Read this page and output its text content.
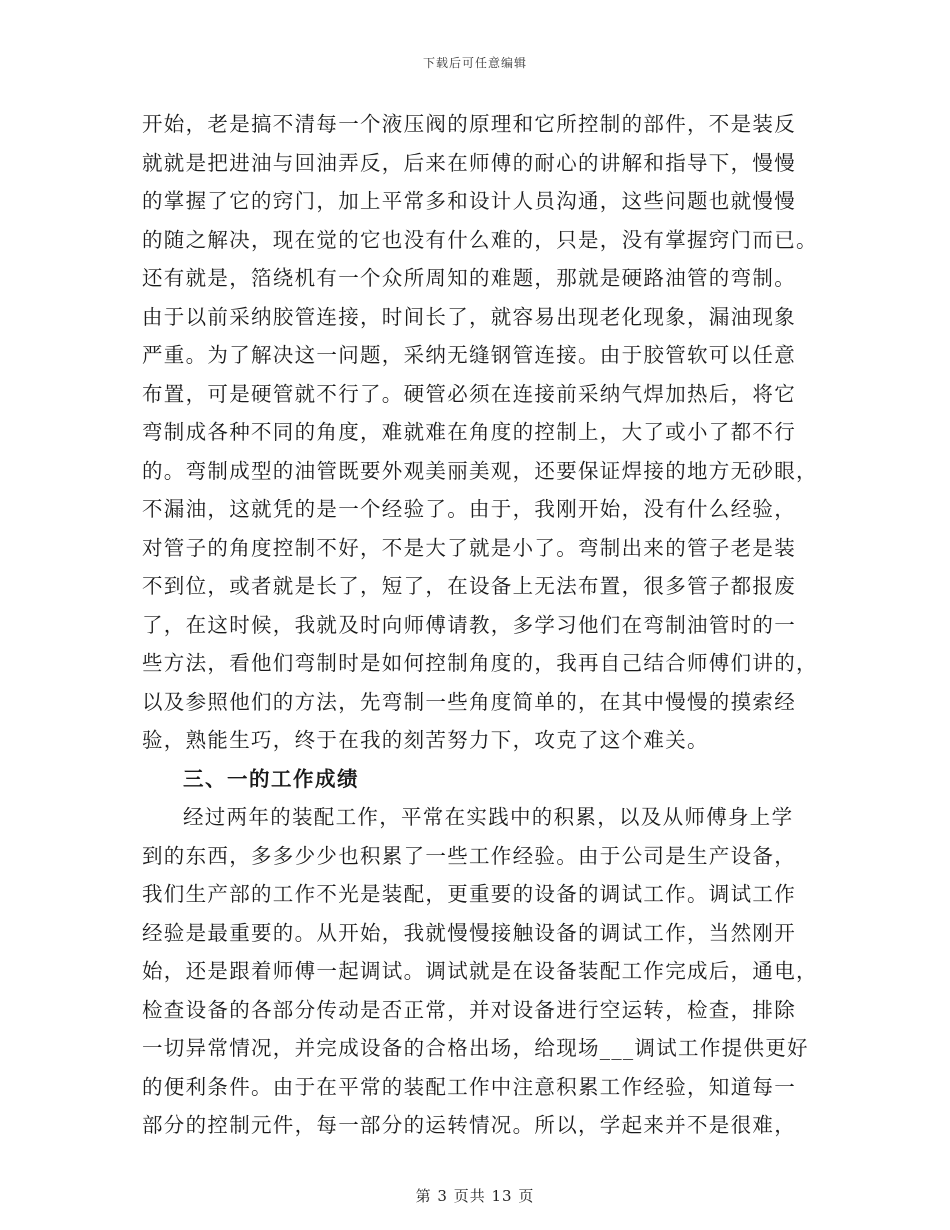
下载后可任意编辑
开始，老是搞不清每一个液压阀的原理和它所控制的部件，不是装反
就就是把进油与回油弄反，后来在师傅的耐心的讲解和指导下，慢慢
的掌握了它的窍门，加上平常多和设计人员沟通，这些问题也就慢慢
的随之解决，现在觉的它也没有什么难的，只是，没有掌握窍门而已。
还有就是，箔绕机有一个众所周知的难题，那就是硬路油管的弯制。
由于以前采纳胶管连接，时间长了，就容易出现老化现象，漏油现象
严重。为了解决这一问题，采纳无缝钢管连接。由于胶管软可以任意
布置，可是硬管就不行了。硬管必须在连接前采纳气焊加热后，将它
弯制成各种不同的角度，难就难在角度的控制上，大了或小了都不行
的。弯制成型的油管既要外观美丽美观，还要保证焊接的地方无砂眼，
不漏油，这就凭的是一个经验了。由于，我刚开始，没有什么经验，
对管子的角度控制不好，不是大了就是小了。弯制出来的管子老是装
不到位，或者就是长了，短了，在设备上无法布置，很多管子都报废
了，在这时候，我就及时向师傅请教，多学习他们在弯制油管时的一
些方法，看他们弯制时是如何控制角度的，我再自己结合师傅们讲的，
以及参照他们的方法，先弯制一些角度简单的，在其中慢慢的摸索经
验，熟能生巧，终于在我的刻苦努力下，攻克了这个难关。
三、一的工作成绩
经过两年的装配工作，平常在实践中的积累，以及从师傅身上学
到的东西，多多少少也积累了一些工作经验。由于公司是生产设备，
我们生产部的工作不光是装配，更重要的设备的调试工作。调试工作
经验是最重要的。从开始，我就慢慢接触设备的调试工作，当然刚开
始，还是跟着师傅一起调试。调试就是在设备装配工作完成后，通电，
检查设备的各部分传动是否正常，并对设备进行空运转，检查，排除
一切异常情况，并完成设备的合格出场，给现场___调试工作提供更好
的便利条件。由于在平常的装配工作中注意积累工作经验，知道每一
部分的控制元件，每一部分的运转情况。所以，学起来并不是很难，
第 3 页共 13 页
